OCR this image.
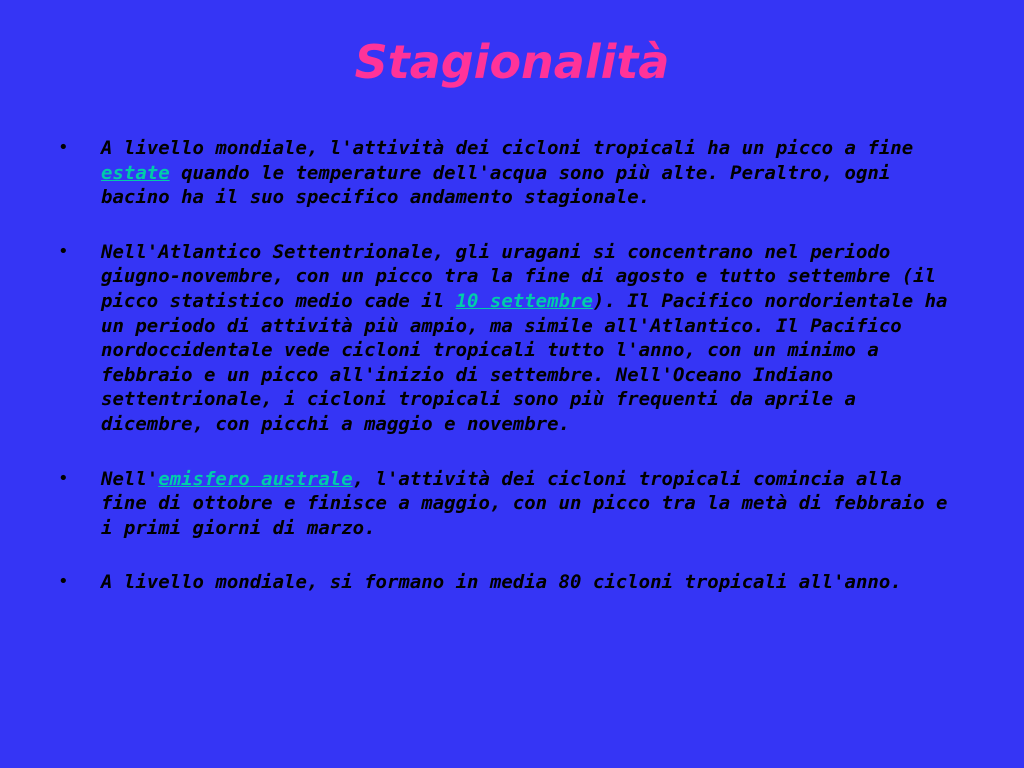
Stagionalità
• A livello mondiale, l'attività dei cicloni tropicali ha un picco a fine estate quando le temperature dell'acqua sono più alte. Peraltro, ogni bacino ha il suo specifico andamento stagionale.
• Nell'Atlantico Settentrionale, gli uragani si concentrano nel periodo giugno-novembre, con un picco tra la fine di agosto e tutto settembre (il picco statistico medio cade il 10 settembre). Il Pacifico nordorientale ha un periodo di attività più ampio, ma simile all'Atlantico. Il Pacifico nordoccidentale vede cicloni tropicali tutto l'anno, con un minimo a febbraio e un picco all'inizio di settembre. Nell'Oceano Indiano settentrionale, i cicloni tropicali sono più frequenti da aprile a dicembre, con picchi a maggio e novembre.
• Nell'emisfero australe, l'attività dei cicloni tropicali comincia alla fine di ottobre e finisce a maggio, con un picco tra la metà di febbraio e i primi giorni di marzo.
• A livello mondiale, si formano in media 80 cicloni tropicali all'anno.
